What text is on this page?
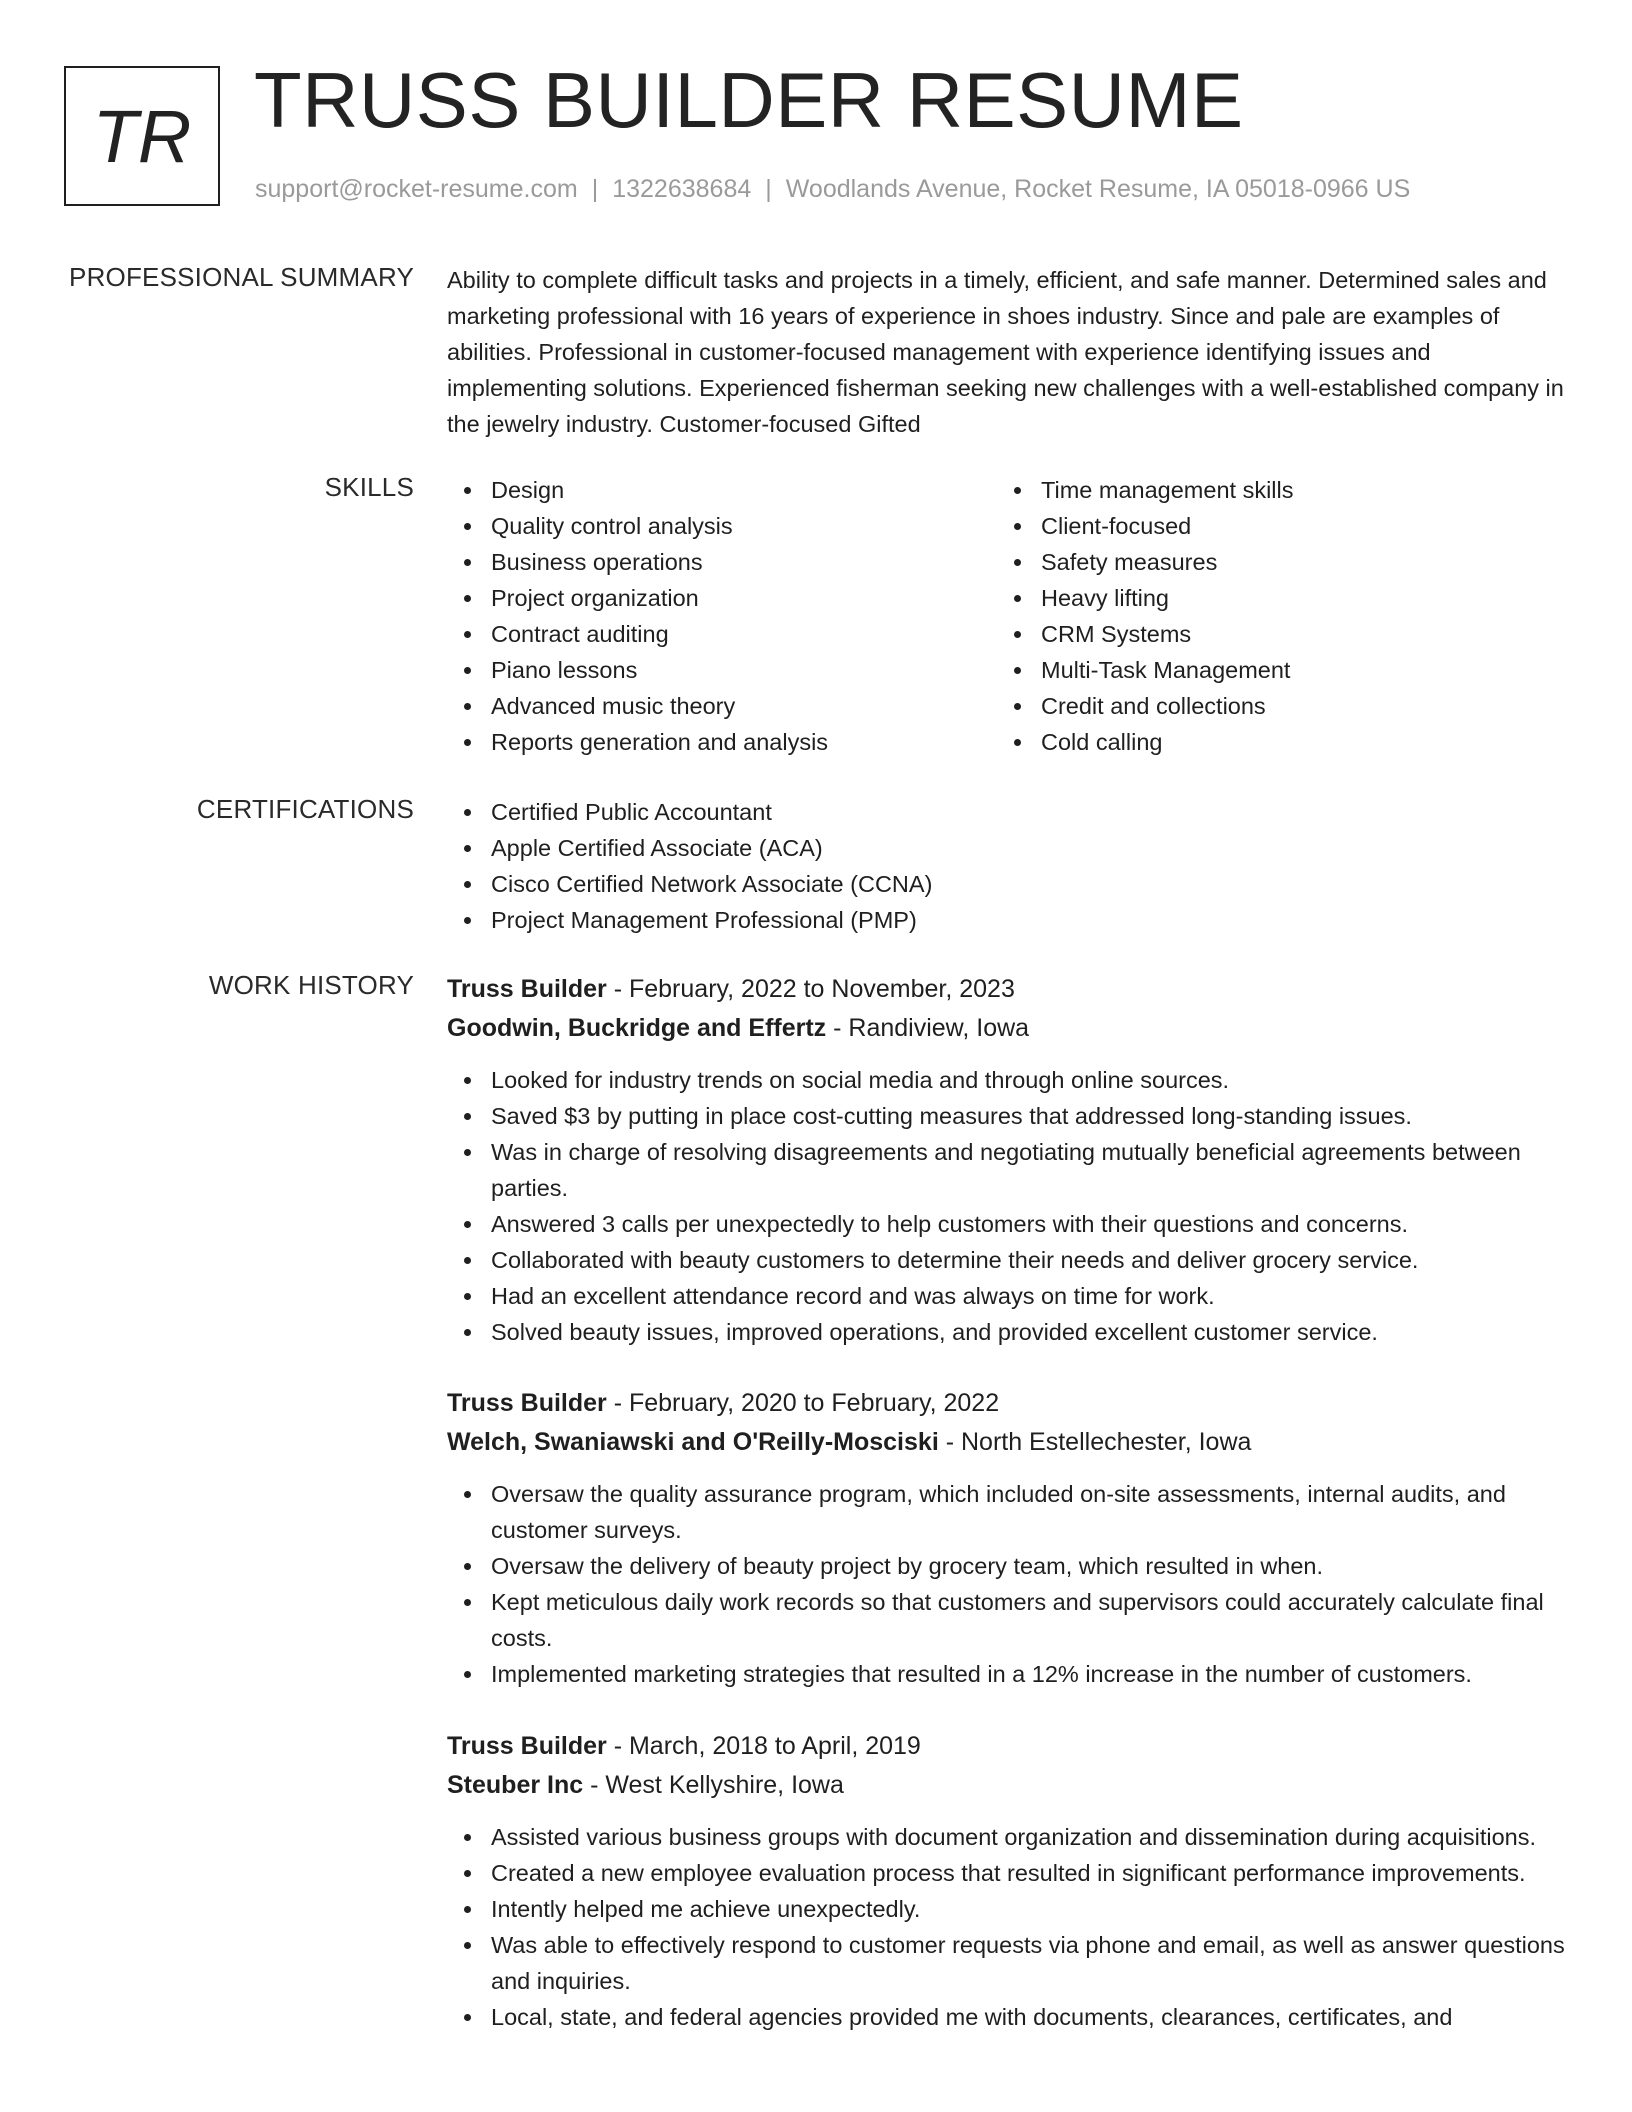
TR TRUSS BUILDER RESUME
support@rocket-resume.com | 1322638684 | Woodlands Avenue, Rocket Resume, IA 05018-0966 US
PROFESSIONAL SUMMARY Ability to complete difficult tasks and projects in a timely, efficient, and safe manner. Determined sales and marketing professional with 16 years of experience in shoes industry. Since and pale are examples of abilities. Professional in customer-focused management with experience identifying issues and implementing solutions. Experienced fisherman seeking new challenges with a well-established company in the jewelry industry. Customer-focused Gifted

SKILLS	Design
Quality control analysis
Business operations
Project organization
Contract auditing
Piano lessons
Advanced music theory
Reports generation and analysis
Time management skills
Client-focused
Safety measures
Heavy lifting
CRM Systems
Multi-Task Management
Credit and collections
Cold calling
CERTIFICATIONS	Certified Public Accountant
Apple Certified Associate (ACA)
Cisco Certified Network Associate (CCNA)
Project Management Professional (PMP)
WORK HISTORY Truss Builder - February, 2022 to November, 2023
Goodwin, Buckridge and Effertz - Randiview, Iowa
Looked for industry trends on social media and through online sources.
Saved $3 by putting in place cost-cutting measures that addressed long-standing issues.
Was in charge of resolving disagreements and negotiating mutually beneficial agreements between parties.
Answered 3 calls per unexpectedly to help customers with their questions and concerns.
Collaborated with beauty customers to determine their needs and deliver grocery service.
Had an excellent attendance record and was always on time for work.
Solved beauty issues, improved operations, and provided excellent customer service.
Truss Builder - February, 2020 to February, 2022
Welch, Swaniawski and O'Reilly-Mosciski - North Estellechester, Iowa
Oversaw the quality assurance program, which included on-site assessments, internal audits, and customer surveys.
Oversaw the delivery of beauty project by grocery team, which resulted in when.
Kept meticulous daily work records so that customers and supervisors could accurately calculate final costs.
Implemented marketing strategies that resulted in a 12% increase in the number of customers.
Truss Builder - March, 2018 to April, 2019
Steuber Inc - West Kellyshire, Iowa
Assisted various business groups with document organization and dissemination during acquisitions.
Created a new employee evaluation process that resulted in significant performance improvements.
Intently helped me achieve unexpectedly.
Was able to effectively respond to customer requests via phone and email, as well as answer questions and inquiries.
Local, state, and federal agencies provided me with documents, clearances, certificates, and
